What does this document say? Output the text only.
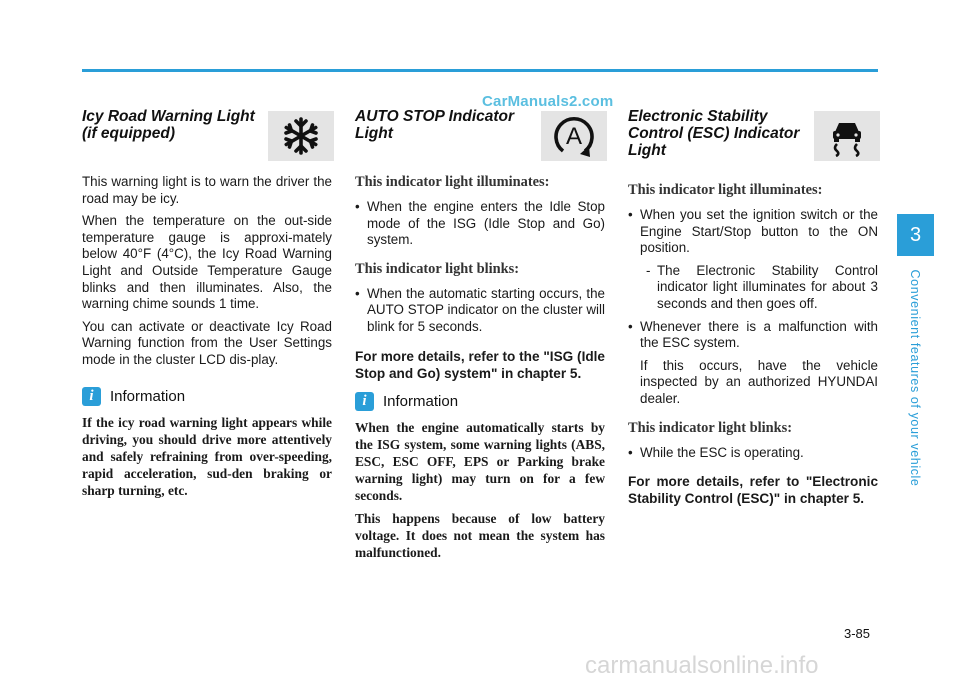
CarManuals2.com
Icy Road Warning Light
(if equipped)

This warning light is to warn the driver the road may be icy.

When the temperature on the out-side temperature gauge is approxi-mately below 40°F (4°C), the Icy Road Warning Light and Outside Temperature Gauge blinks and then illuminates. Also, the warning chime sounds 1 time.

You can activate or deactivate Icy Road Warning function from the User Settings mode in the cluster LCD dis-play.

i	Information

If the icy road warning light appears while driving, you should drive more attentively and safely refraining from over-speeding, rapid acceleration, sud-den braking or sharp turning, etc.

AUTO STOP Indicator
Light	A
This indicator light illuminates:
• When the engine enters the Idle Stop mode of the ISG (Idle Stop and Go) system.
This indicator light blinks:
• When the automatic starting occurs, the AUTO STOP indicator on the cluster will blink for 5 seconds.

For more details, refer to the "ISG (Idle Stop and Go) system" in chapter 5.

i	Information

When the engine automatically starts by the ISG system, some warning lights (ABS, ESC, ESC OFF, EPS or Parking brake warning light) may turn on for a few seconds.

This happens because of low battery voltage. It does not mean the system has malfunctioned.

Electronic Stability
Control (ESC) Indicator
Light
This indicator light illuminates:
• When you set the ignition switch or the Engine Start/Stop button to the ON position.
- The Electronic Stability Control indicator light illuminates for about 3 seconds and then goes off.
• Whenever there is a malfunction with the ESC system.
If this occurs, have the vehicle inspected by an authorized HYUNDAI dealer.
This indicator light blinks:
• While the ESC is operating.

For more details, refer to "Electronic Stability Control (ESC)" in chapter 5.

3
Convenient features of your vehicle
3-85
carmanualsonline.info
